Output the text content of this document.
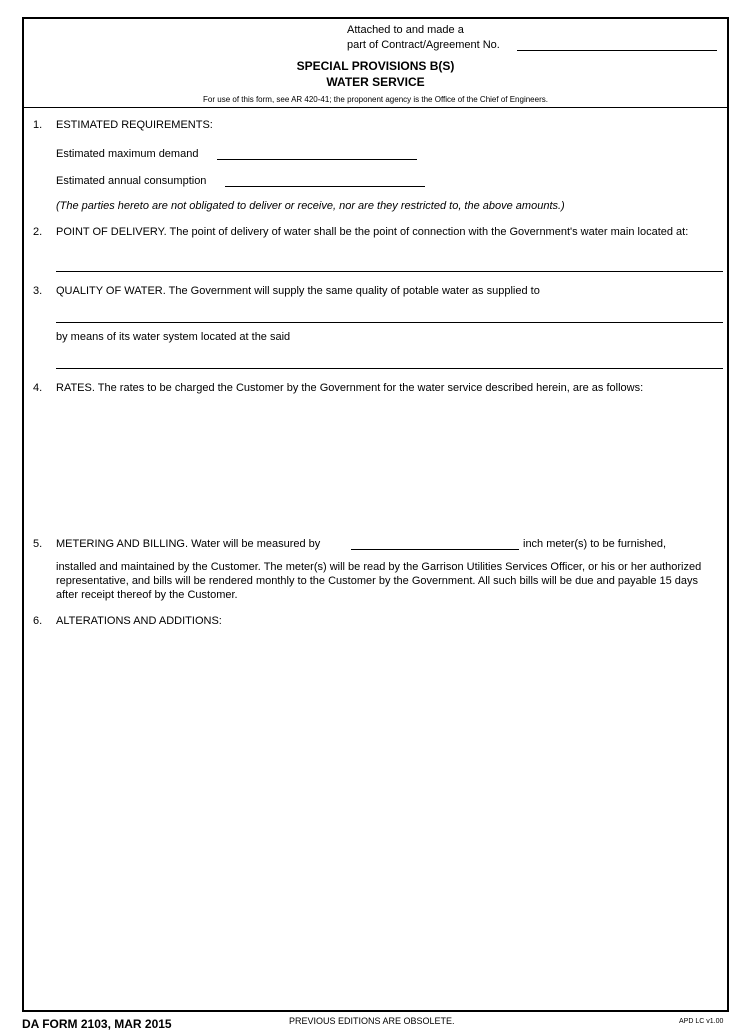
Attached to and made a
part of Contract/Agreement No.
SPECIAL PROVISIONS B(S)
WATER SERVICE
For use of this form, see AR 420-41; the proponent agency is the Office of the Chief of Engineers.
1. ESTIMATED REQUIREMENTS:
Estimated maximum demand
Estimated annual consumption
(The parties hereto are not obligated to deliver or receive, nor are they restricted to, the above amounts.)
2. POINT OF DELIVERY. The point of delivery of water shall be the point of connection with the Government's water main located at:
3. QUALITY OF WATER. The Government will supply the same quality of potable water as supplied to
by means of its water system located at the said
4. RATES. The rates to be charged the Customer by the Government for the water service described herein, are as follows:
5. METERING AND BILLING. Water will be measured by	inch meter(s) to be furnished,
installed and maintained by the Customer. The meter(s) will be read by the Garrison Utilities Services Officer, or his or her authorized representative, and bills will be rendered monthly to the Customer by the Government. All such bills will be due and payable 15 days after receipt thereof by the Customer.
6. ALTERATIONS AND ADDITIONS:
DA FORM 2103, MAR 2015	PREVIOUS EDITIONS ARE OBSOLETE.	APD LC v1.00
